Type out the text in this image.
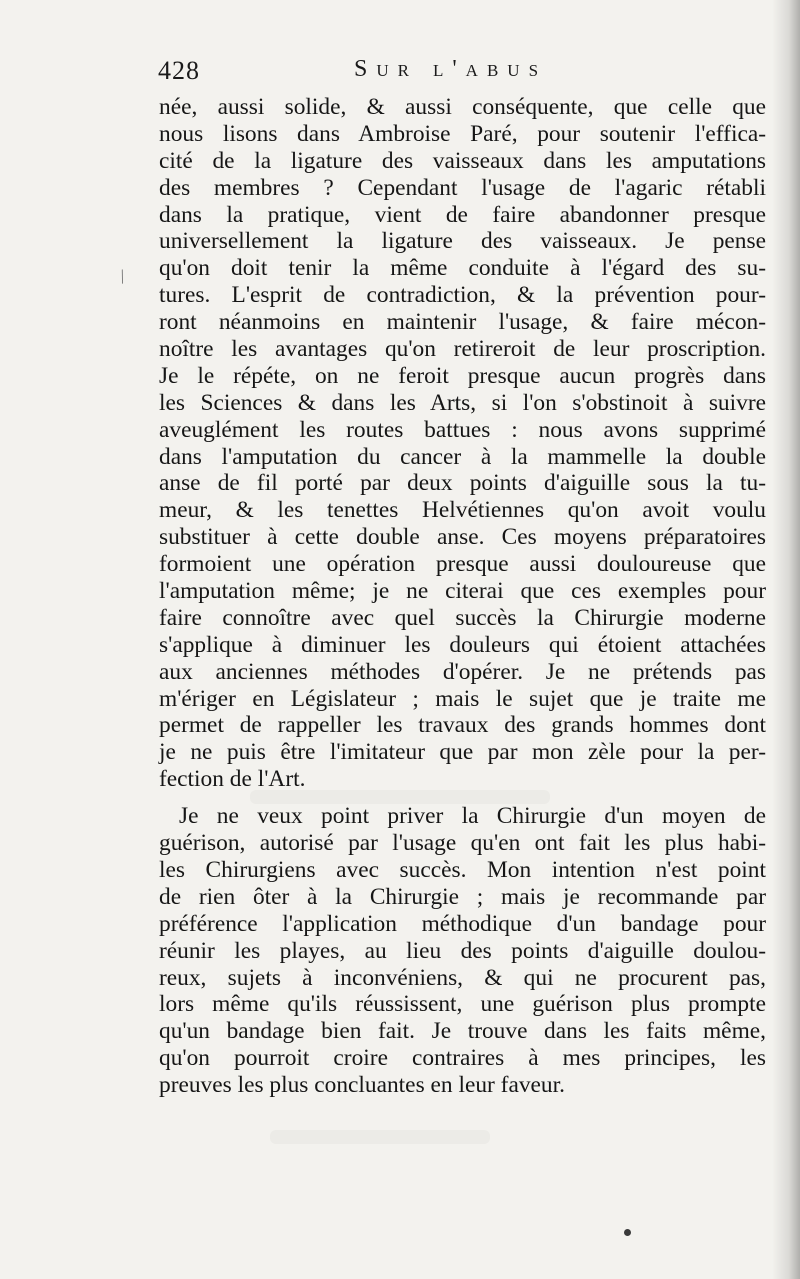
/
428	Sur l'abus
née, aussi solide, & aussi conséquente, que celle que
nous lisons dans Ambroise Paré, pour soutenir l'effica-
cité de la ligature des vaisseaux dans les amputations
des membres ? Cependant l'usage de l'agaric rétabli
dans la pratique, vient de faire abandonner presque
universellement la ligature des vaisseaux. Je pense
qu'on doit tenir la même conduite à l'égard des su-
tures. L'esprit de contradiction, & la prévention pour-
ront néanmoins en maintenir l'usage, & faire mécon-
noître les avantages qu'on retireroit de leur proscription.
Je le répéte, on ne feroit presque aucun progrès dans
les Sciences & dans les Arts, si l'on s'obstinoit à suivre
aveuglément les routes battues : nous avons supprimé
dans l'amputation du cancer à la mammelle la double
anse de fil porté par deux points d'aiguille sous la tu-
meur, & les tenettes Helvétiennes qu'on avoit voulu
substituer à cette double anse. Ces moyens préparatoires
formoient une opération presque aussi douloureuse que
l'amputation même; je ne citerai que ces exemples pour
faire connoître avec quel succès la Chirurgie moderne
s'applique à diminuer les douleurs qui étoient attachées
aux anciennes méthodes d'opérer. Je ne prétends pas
m'ériger en Législateur ; mais le sujet que je traite me
permet de rappeller les travaux des grands hommes dont
je ne puis être l'imitateur que par mon zèle pour la per-
fection de l'Art.
Je ne veux point priver la Chirurgie d'un moyen de
guérison, autorisé par l'usage qu'en ont fait les plus habi-
les Chirurgiens avec succès. Mon intention n'est point
de rien ôter à la Chirurgie ; mais je recommande par
préférence l'application méthodique d'un bandage pour
réunir les playes, au lieu des points d'aiguille doulou-
reux, sujets à inconvéniens, & qui ne procurent pas,
lors même qu'ils réussissent, une guérison plus prompte
qu'un bandage bien fait. Je trouve dans les faits même,
qu'on pourroit croire contraires à mes principes, les
preuves les plus concluantes en leur faveur.
